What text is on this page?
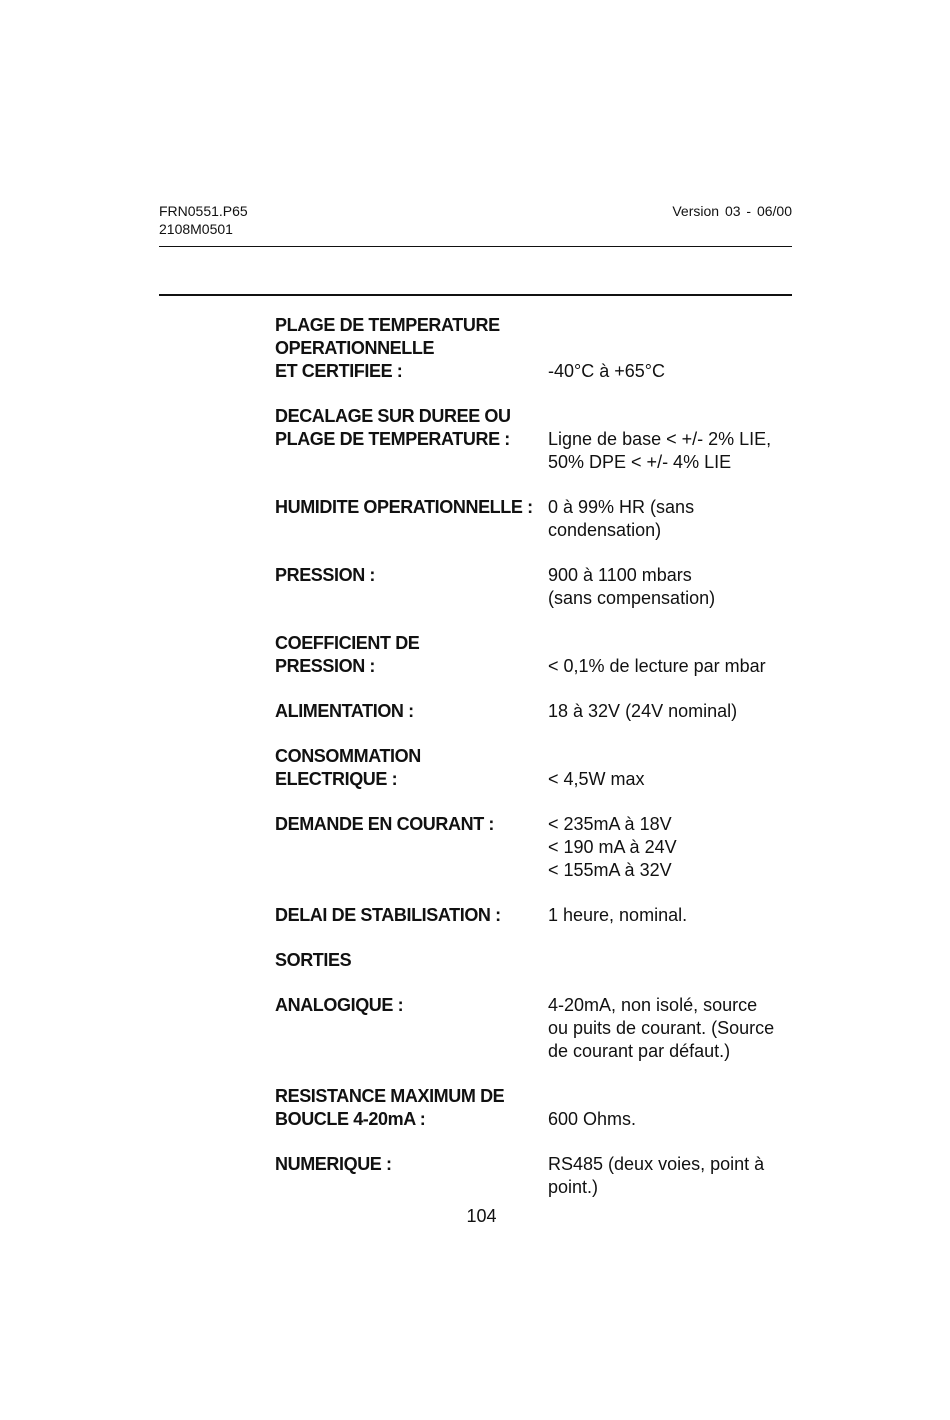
FRN0551.P65
2108M0501
Version 03 - 06/00
PLAGE DE TEMPERATURE
OPERATIONNELLE
ET CERTIFIEE :	-40°C à +65°C
DECALAGE SUR DUREE OU
PLAGE DE TEMPERATURE :	Ligne de base < +/- 2% LIE,
50% DPE < +/- 4% LIE
HUMIDITE OPERATIONNELLE : 0 à 99% HR (sans
condensation)
PRESSION :	900 à 1100 mbars
(sans compensation)
COEFFICIENT DE
PRESSION :	< 0,1% de lecture par mbar
ALIMENTATION :	18 à 32V (24V nominal)
CONSOMMATION
ELECTRIQUE :	< 4,5W max
DEMANDE EN COURANT :	< 235mA à 18V
< 190 mA à 24V
< 155mA à 32V
DELAI DE STABILISATION :	1 heure, nominal.
SORTIES
ANALOGIQUE :	4-20mA, non isolé, source
ou puits de courant. (Source
de courant par défaut.)
RESISTANCE MAXIMUM DE
BOUCLE 4-20mA :	600 Ohms.
NUMERIQUE :	RS485 (deux voies, point à
point.)
104
